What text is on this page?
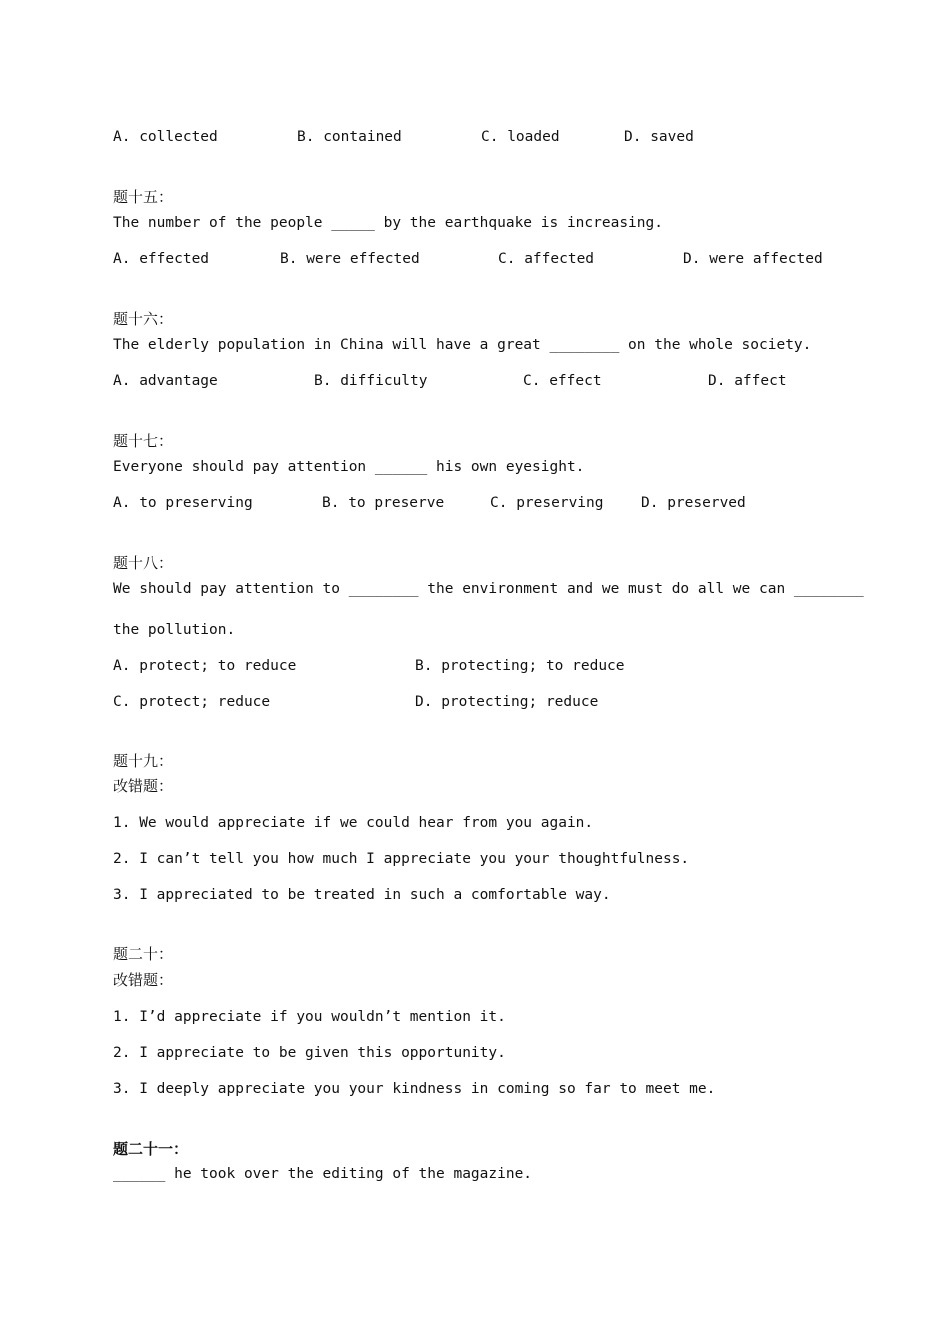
A. collected	B. contained	C. loaded	D. saved
题十五：
The number of the people _____ by the earthquake is increasing.
A. effected	B. were effected	C. affected	D. were affected
题十六：
The elderly population in China will have a great ________ on the whole society.
A. advantage	B. difficulty	C. effect	D. affect
题十七：
Everyone should pay attention ______ his own eyesight.
A. to preserving	B. to preserve	C. preserving	D. preserved
题十八：
We should pay attention to ________ the environment and we must do all we can ________
the pollution.
A. protect; to reduce	B. protecting; to reduce
C. protect; reduce	D. protecting; reduce
题十九：
改错题：
1. We would appreciate if we could hear from you again.
2. I can’t tell you how much I appreciate you your thoughtfulness.
3. I appreciated to be treated in such a comfortable way.
题二十：
改错题：
1. I’d appreciate if you wouldn’t mention it.
2. I appreciate to be given this opportunity.
3. I deeply appreciate you your kindness in coming so far to meet me.
题二十一：
______ he took over the editing of the magazine.
